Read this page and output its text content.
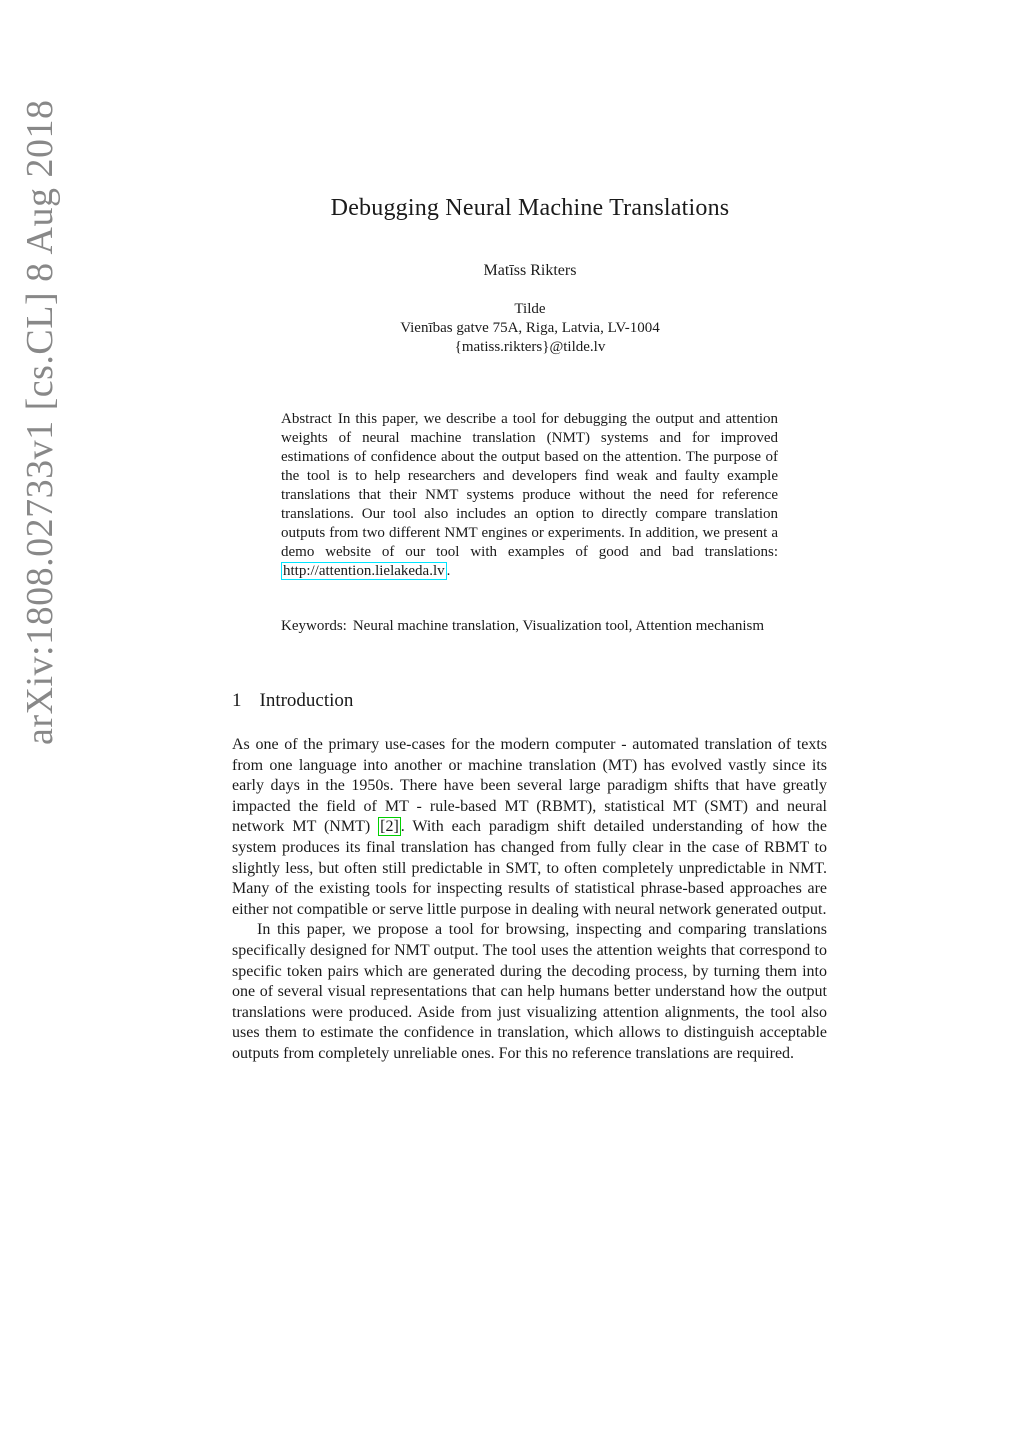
arXiv:1808.02733v1 [cs.CL] 8 Aug 2018	Debugging Neural Machine Translations
Matīss Rikters
Tilde
Vienības gatve 75A, Riga, Latvia, LV-1004
{matiss.rikters}@tilde.lv
Abstract In this paper, we describe a tool for debugging the output and attention weights of neural machine translation (NMT) systems and for improved estimations of confidence about the output based on the attention. The purpose of the tool is to help researchers and developers find weak and faulty example translations that their NMT systems produce without the need for reference translations. Our tool also includes an option to directly compare translation outputs from two different NMT engines or experiments. In addition, we present a demo website of our tool with examples of good and bad translations: http://attention.lielakeda.lv .
Keywords: Neural machine translation, Visualization tool, Attention mechanism
1 Introduction

As one of the primary use-cases for the modern computer - automated translation of texts from one language into another or machine translation (MT) has evolved vastly since its early days in the 1950s. There have been several large paradigm shifts that have greatly impacted the field of MT - rule-based MT (RBMT), statistical MT (SMT) and neural network MT (NMT) [2] . With each paradigm shift detailed understanding of how the system produces its final translation has changed from fully clear in the case of RBMT to slightly less, but often still predictable in SMT, to often completely unpredictable in NMT. Many of the existing tools for inspecting results of statistical phrase-based approaches are either not compatible or serve little purpose in dealing with neural network generated output.

In this paper, we propose a tool for browsing, inspecting and comparing translations specifically designed for NMT output. The tool uses the attention weights that correspond to specific token pairs which are generated during the decoding process, by turning them into one of several visual representations that can help humans better understand how the output translations were produced. Aside from just visualizing attention alignments, the tool also uses them to estimate the confidence in translation, which allows to distinguish acceptable outputs from completely unreliable ones. For this no reference translations are required.
